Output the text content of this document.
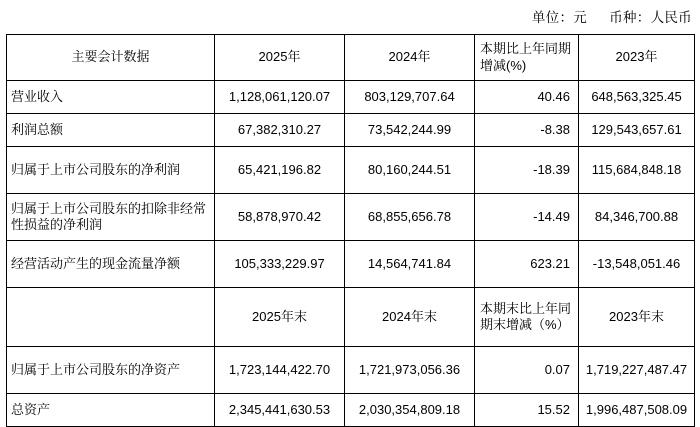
单位：元 币种：人民币
主要会计数据	2025年	2024年	本期比上年同期增减(%)	2023年
营业收入	1,128,061,120.07	803,129,707.64	40.46	648,563,325.45
利润总额	67,382,310.27	73,542,244.99	-8.38	129,543,657.61
归属于上市公司股东的净利润	65,421,196.82	80,160,244.51	-18.39	115,684,848.18
归属于上市公司股东的扣除非经常性损益的净利润	58,878,970.42	68,855,656.78	-14.49	84,346,700.88
经营活动产生的现金流量净额	105,333,229.97	14,564,741.84	623.21	-13,548,051.46
	2025年末	2024年末	本期末比上年同期末增减（%）	2023年末
归属于上市公司股东的净资产	1,723,144,422.70	1,721,973,056.36	0.07	1,719,227,487.47
总资产	2,345,441,630.53	2,030,354,809.18	15.52	1,996,487,508.09
